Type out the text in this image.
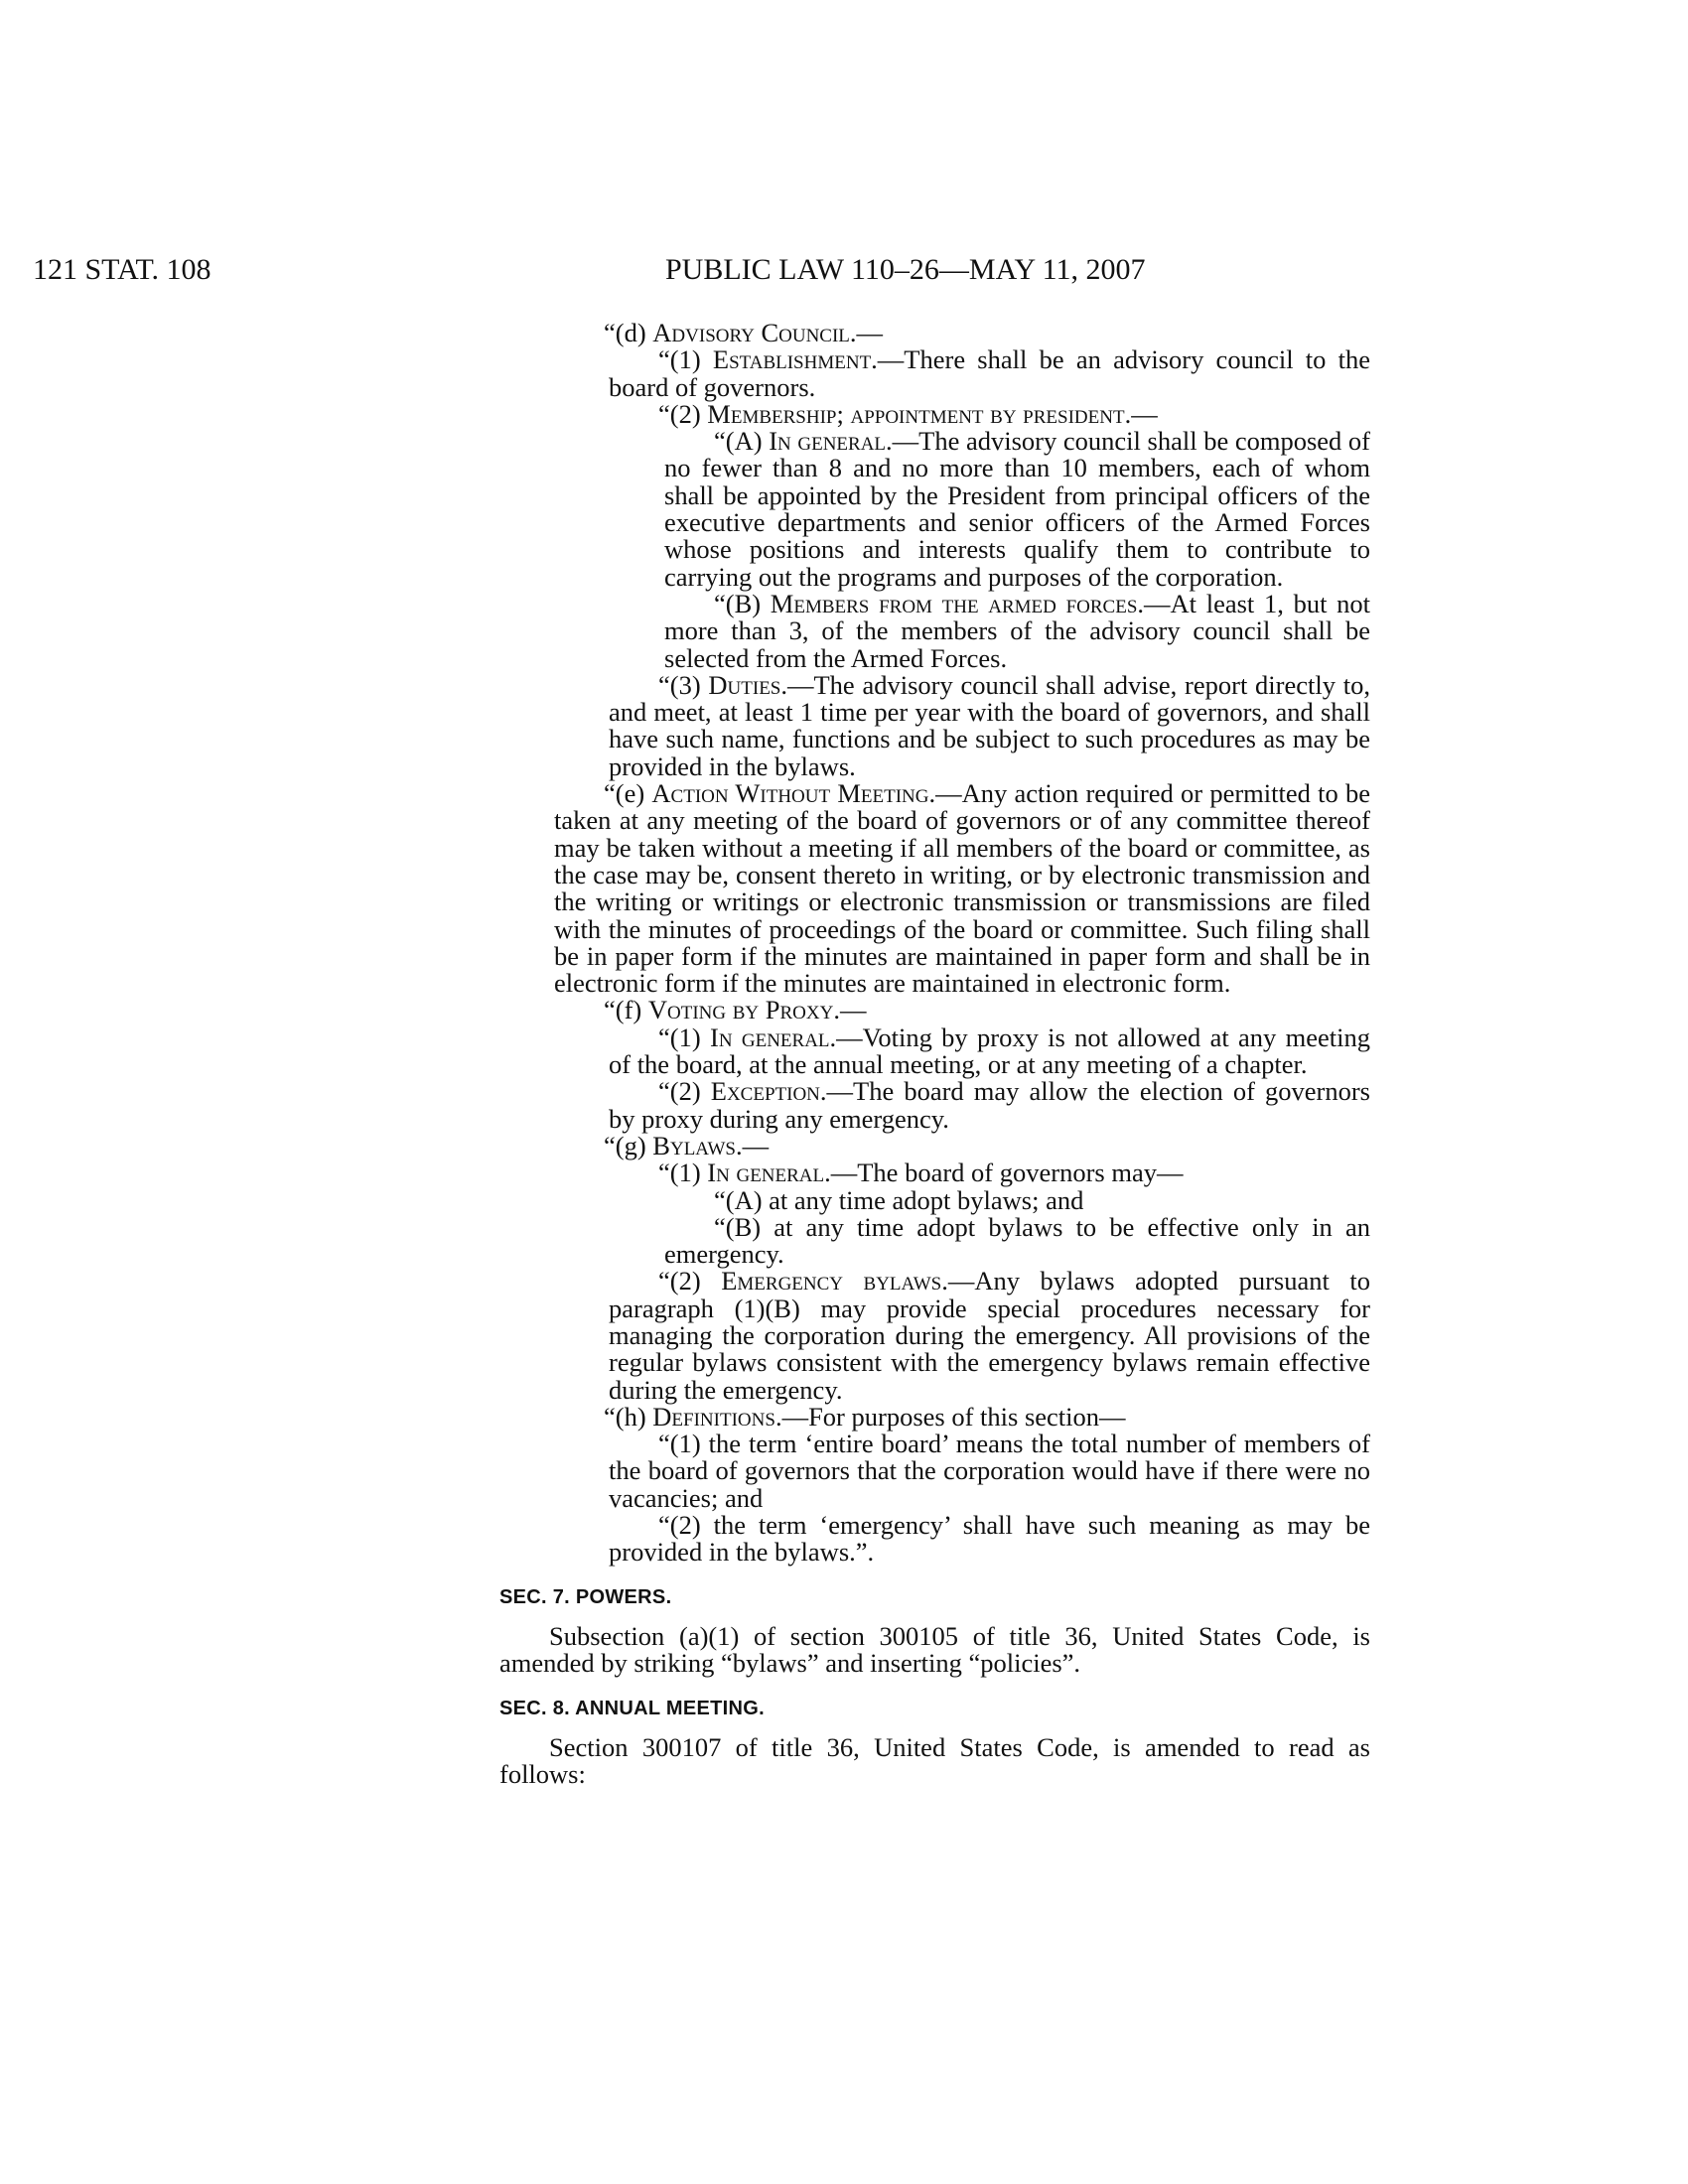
121 STAT. 108	PUBLIC LAW 110–26—MAY 11, 2007

“(d) Advisory Council.—

“(1) Establishment.—There shall be an advisory council to the board of governors.

“(2) Membership; appointment by president.—

“(A) In general.—The advisory council shall be composed of no fewer than 8 and no more than 10 members, each of whom shall be appointed by the President from principal officers of the executive departments and senior officers of the Armed Forces whose positions and interests qualify them to contribute to carrying out the programs and purposes of the corporation.

“(B) Members from the armed forces.—At least 1, but not more than 3, of the members of the advisory council shall be selected from the Armed Forces.

“(3) Duties.—The advisory council shall advise, report directly to, and meet, at least 1 time per year with the board of governors, and shall have such name, functions and be subject to such procedures as may be provided in the bylaws.

“(e) Action Without Meeting.—Any action required or permitted to be taken at any meeting of the board of governors or of any committee thereof may be taken without a meeting if all members of the board or committee, as the case may be, consent thereto in writing, or by electronic transmission and the writing or writings or electronic transmission or transmissions are filed with the minutes of proceedings of the board or committee. Such filing shall be in paper form if the minutes are maintained in paper form and shall be in electronic form if the minutes are maintained in electronic form.

“(f) Voting by Proxy.—

“(1) In general.—Voting by proxy is not allowed at any meeting of the board, at the annual meeting, or at any meeting of a chapter.

“(2) Exception.—The board may allow the election of governors by proxy during any emergency.

“(g) Bylaws.—

“(1) In general.—The board of governors may—

“(A) at any time adopt bylaws; and

“(B) at any time adopt bylaws to be effective only in an emergency.

“(2) Emergency bylaws.—Any bylaws adopted pursuant to paragraph (1)(B) may provide special procedures necessary for managing the corporation during the emergency. All provisions of the regular bylaws consistent with the emergency bylaws remain effective during the emergency.

“(h) Definitions.—For purposes of this section—

“(1) the term ‘entire board’ means the total number of members of the board of governors that the corporation would have if there were no vacancies; and

“(2) the term ‘emergency’ shall have such meaning as may be provided in the bylaws.”.

SEC. 7. POWERS.

Subsection (a)(1) of section 300105 of title 36, United States Code, is amended by striking “bylaws” and inserting “policies”.

SEC. 8. ANNUAL MEETING.

Section 300107 of title 36, United States Code, is amended to read as follows:
